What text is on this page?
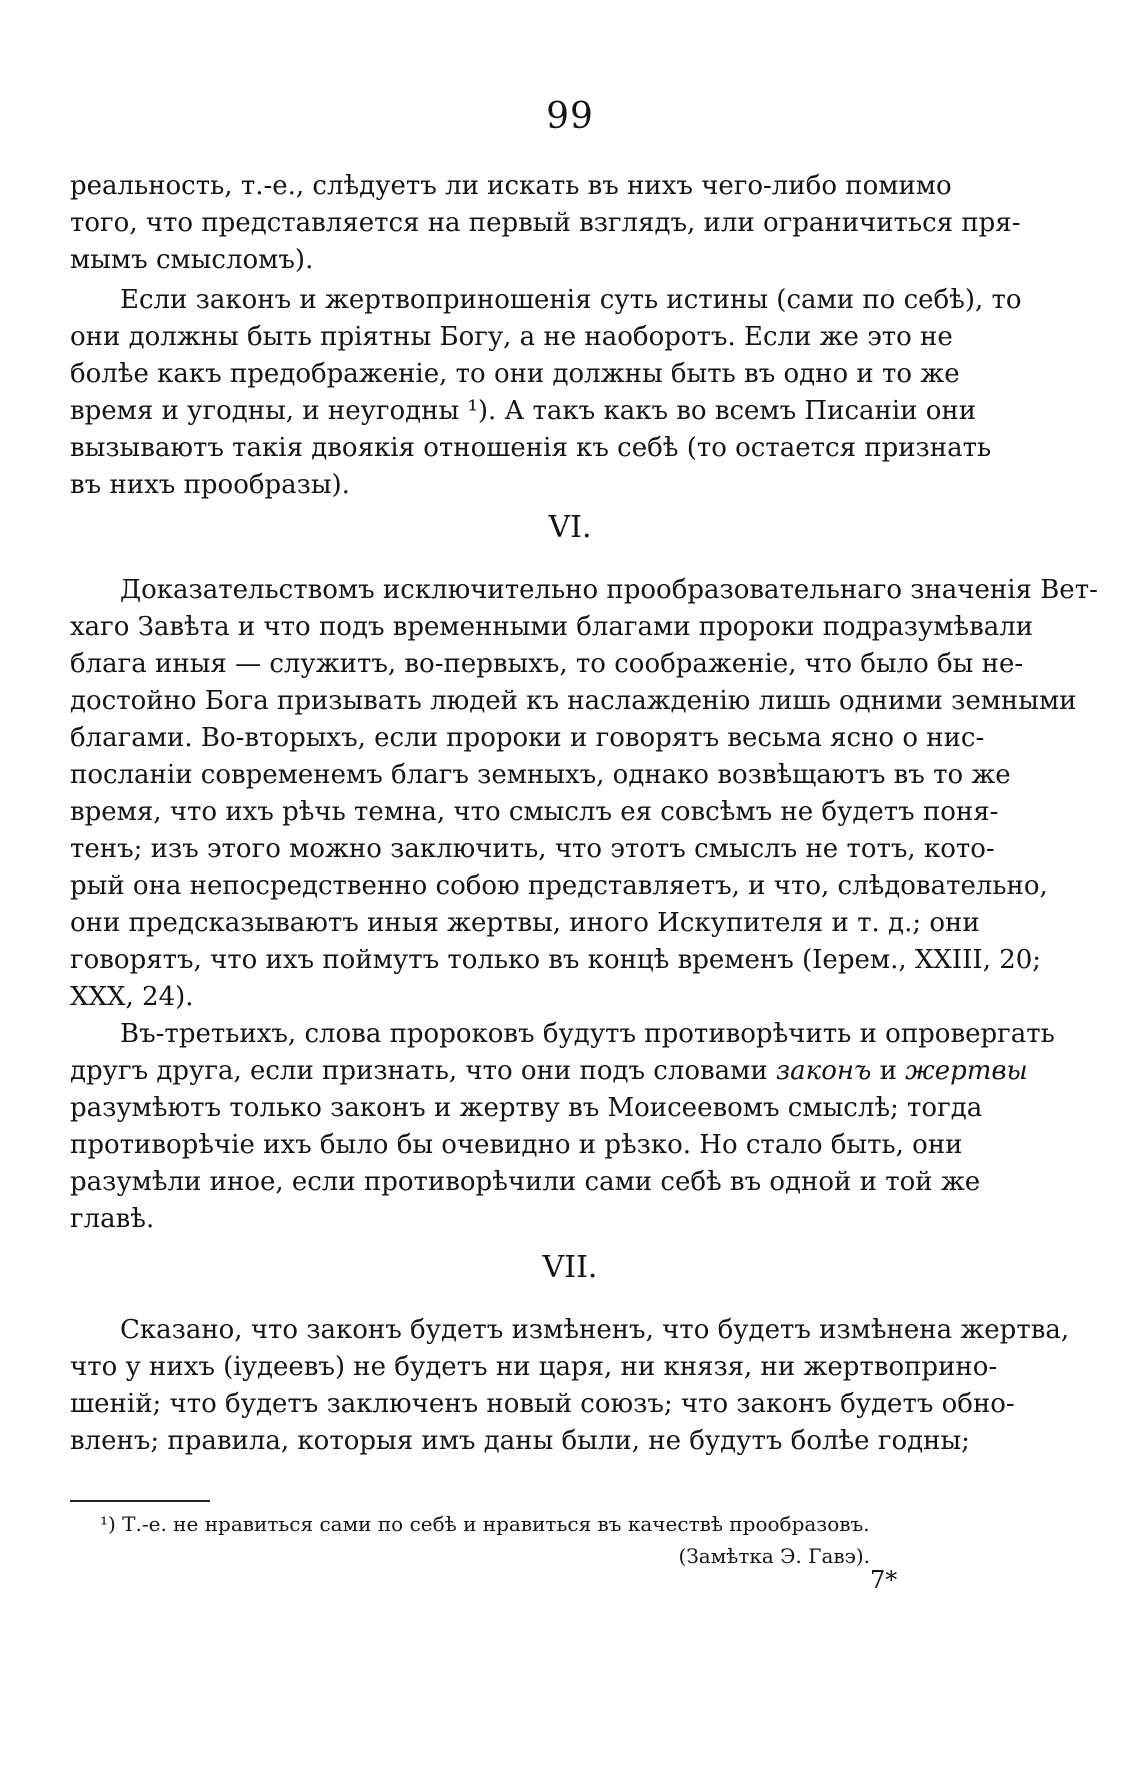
99
реальность, т.-е., слѣдуетъ ли искать въ нихъ чего-либо помимо
того, что представляется на первый взглядъ, или ограничиться пря-
мымъ смысломъ).
Если законъ и жертвоприношенія суть истины (сами по себѣ), то
они должны быть пріятны Богу, а не наоборотъ. Если же это не
болѣе какъ предображеніе, то они должны быть въ одно и то же
время и угодны, и неугодны ¹). А такъ какъ во всемъ Писаніи они
вызываютъ такія двоякія отношенія къ себѣ (то остается признать
въ нихъ прообразы).
VI.
Доказательствомъ исключительно прообразовательнаго значенія Вет-
хаго Завѣта и что подъ временными благами пророки подразумѣвали
блага иныя — служитъ, во-первыхъ, то соображеніе, что было бы не-
достойно Бога призывать людей къ наслажденію лишь одними земными
благами. Во-вторыхъ, если пророки и говорятъ весьма ясно о нис-
посланіи современемъ благъ земныхъ, однако возвѣщаютъ въ то же
время, что ихъ рѣчь темна, что смыслъ ея совсѣмъ не будетъ поня-
тенъ; изъ этого можно заключить, что этотъ смыслъ не тотъ, кото-
рый она непосредственно собою представляетъ, и что, слѣдовательно,
они предсказываютъ иныя жертвы, иного Искупителя и т. д.; они
говорятъ, что ихъ поймутъ только въ концѣ временъ (Iерем., XXIII, 20;
XXX, 24).
Въ-третьихъ, слова пророковъ будутъ противорѣчить и опровергать
другъ друга, если признать, что они подъ словами законъ и жертвы
разумѣютъ только законъ и жертву въ Моисеевомъ смыслѣ; тогда
противорѣчіе ихъ было бы очевидно и рѣзко. Но стало быть, они
разумѣли иное, если противорѣчили сами себѣ въ одной и той же
главѣ.
VII.
Сказано, что законъ будетъ измѣненъ, что будетъ измѣнена жертва,
что у нихъ (іудеевъ) не будетъ ни царя, ни князя, ни жертвоприно-
шеній; что будетъ заключенъ новый союзъ; что законъ будетъ обно-
вленъ; правила, которыя имъ даны были, не будутъ болѣе годны;
¹) Т.-е. не нравиться сами по себѣ и нравиться въ качествѣ прообразовъ.
(Замѣтка Э. Гавэ).
7*
